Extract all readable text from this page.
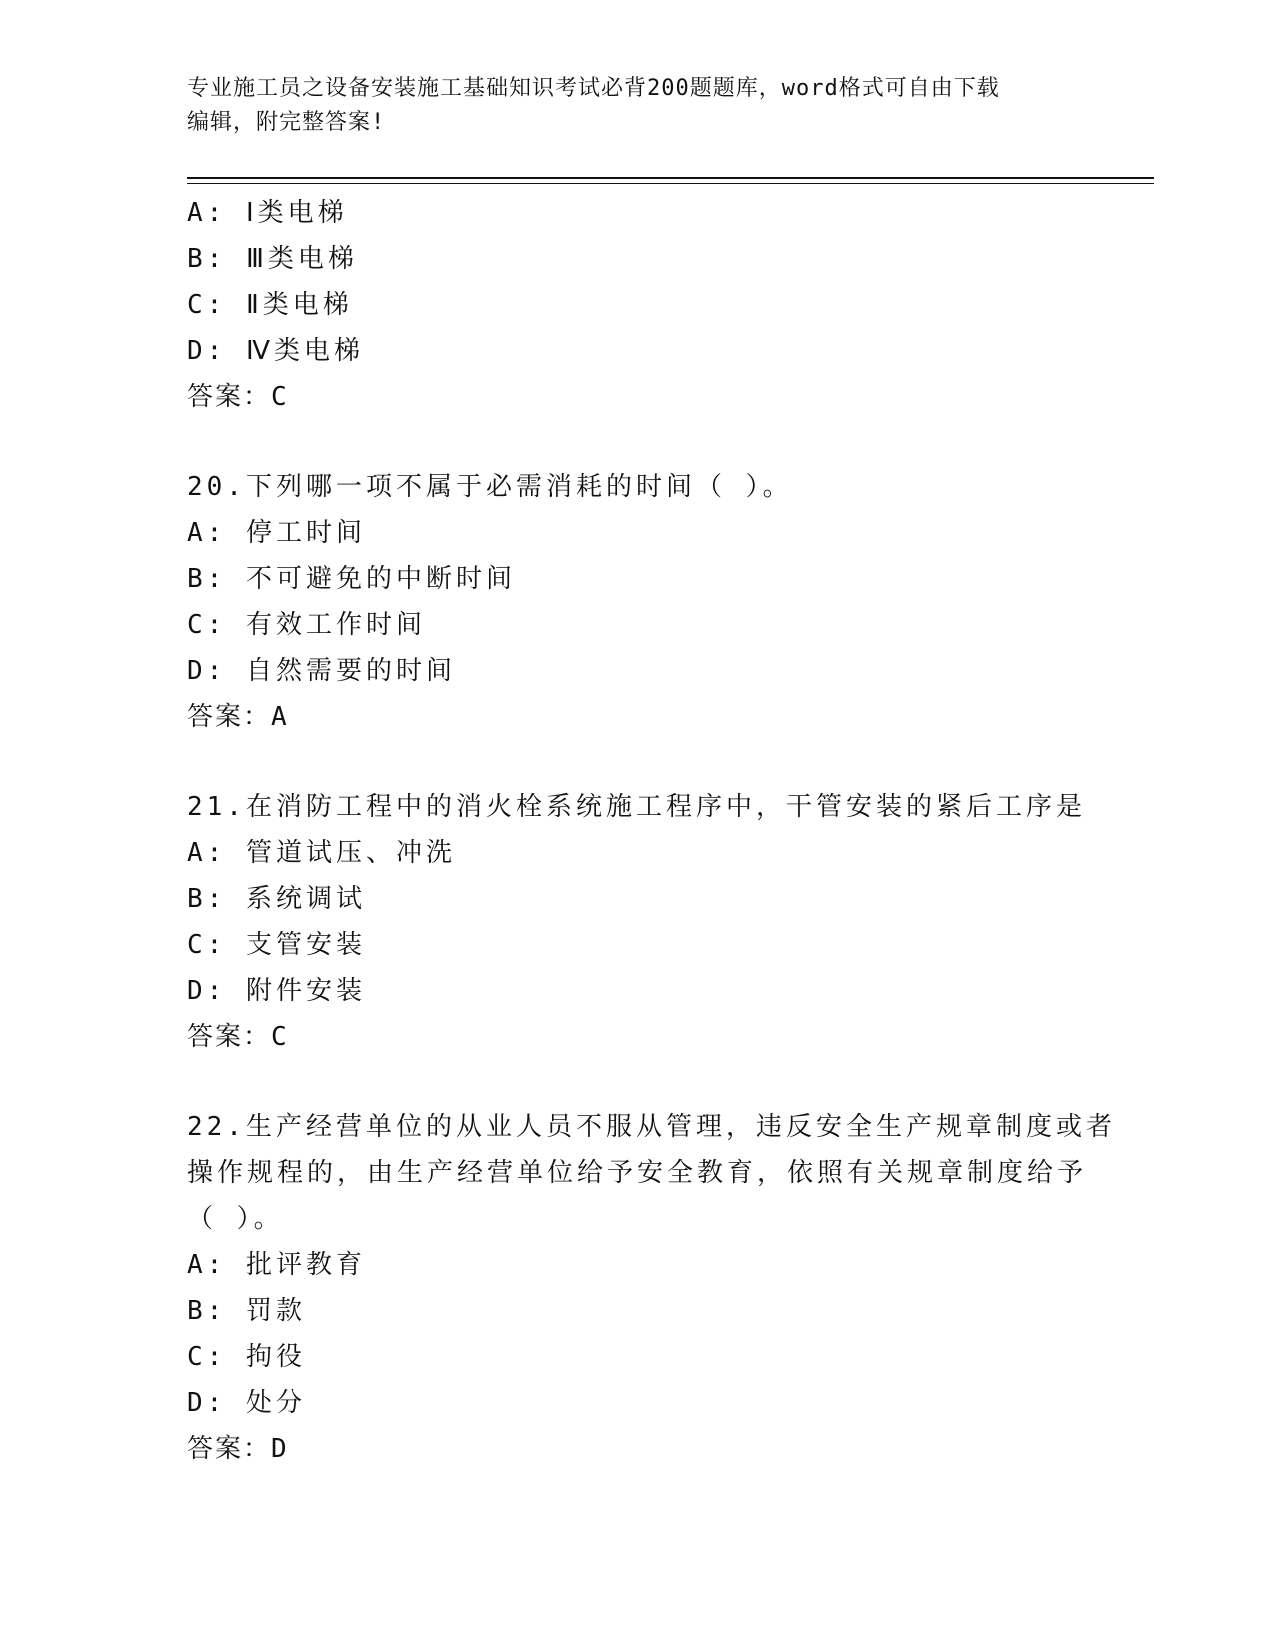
专业施工员之设备安装施工基础知识考试必背200题题库，word格式可自由下载
编辑，附完整答案!
A: Ⅰ类电梯
B: Ⅲ类电梯
C: Ⅱ类电梯
D: Ⅳ类电梯
答案：C
20.下列哪一项不属于必需消耗的时间（ ）。
A: 停工时间
B: 不可避免的中断时间
C: 有效工作时间
D: 自然需要的时间
答案：A
21.在消防工程中的消火栓系统施工程序中，干管安装的紧后工序是
A: 管道试压、冲洗
B: 系统调试
C: 支管安装
D: 附件安装
答案：C
22.生产经营单位的从业人员不服从管理，违反安全生产规章制度或者
操作规程的，由生产经营单位给予安全教育，依照有关规章制度给予
（ ）。
A: 批评教育
B: 罚款
C: 拘役
D: 处分
答案：D
